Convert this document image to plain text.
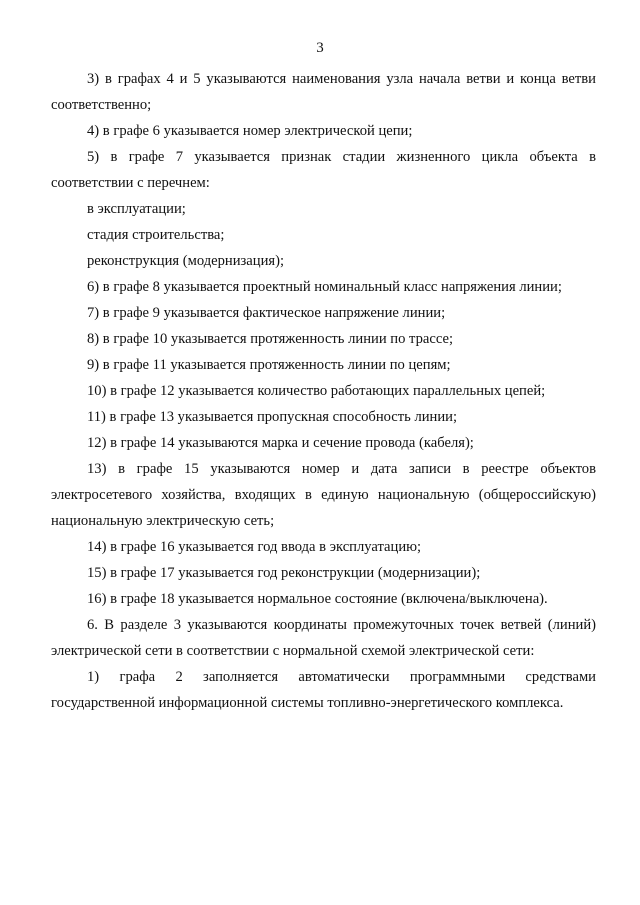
3

3) в графах 4 и 5 указываются наименования узла начала ветви и конца ветви соответственно;

4) в графе 6 указывается номер электрической цепи;

5) в графе 7 указывается признак стадии жизненного цикла объекта в соответствии с перечнем:

в эксплуатации;

стадия строительства;

реконструкция (модернизация);

6) в графе 8 указывается проектный номинальный класс напряжения линии;

7) в графе 9 указывается фактическое напряжение линии;

8) в графе 10 указывается протяженность линии по трассе;

9) в графе 11 указывается протяженность линии по цепям;

10) в графе 12 указывается количество работающих параллельных цепей;

11) в графе 13 указывается пропускная способность линии;

12) в графе 14 указываются марка и сечение провода (кабеля);

13) в графе 15 указываются номер и дата записи в реестре объектов электросетевого хозяйства, входящих в единую национальную (общероссийскую) национальную электрическую сеть;

14) в графе 16 указывается год ввода в эксплуатацию;

15) в графе 17 указывается год реконструкции (модернизации);

16) в графе 18 указывается нормальное состояние (включена/выключена).

6. В разделе 3 указываются координаты промежуточных точек ветвей (линий) электрической сети в соответствии с нормальной схемой электрической сети:

1) графа 2 заполняется автоматически программными средствами государственной информационной системы топливно-энергетического комплекса.
